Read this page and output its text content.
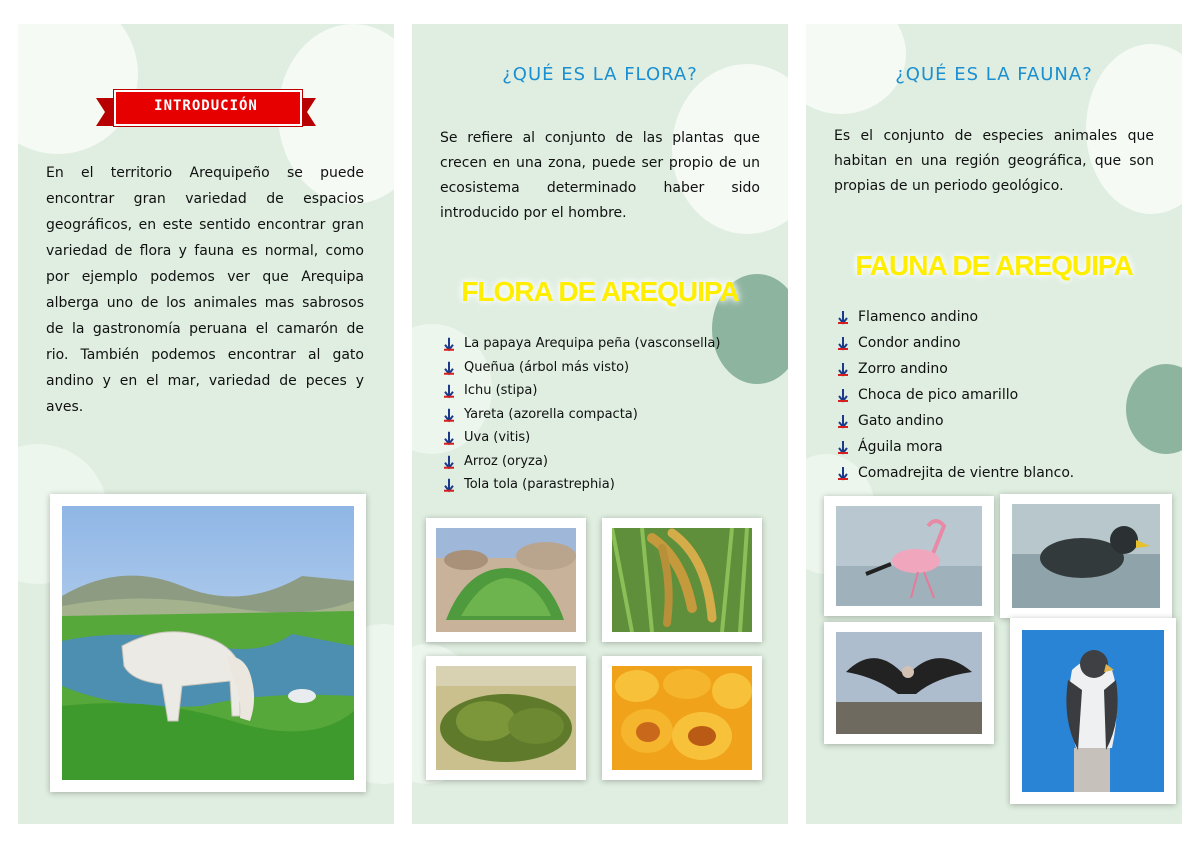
INTRODUCIÓN
En el territorio Arequipeño se puede encontrar gran variedad de espacios geográficos, en este sentido encontrar gran variedad de flora y fauna es normal, como por ejemplo podemos ver que Arequipa alberga uno de los animales mas sabrosos de la gastronomía peruana el camarón de rio. También podemos encontrar al gato andino y en el mar, variedad de peces y aves.
¿QUÉ ES LA FLORA?
Se refiere al conjunto de las plantas que crecen en una zona, puede ser propio de un ecosistema determinado haber sido introducido por el hombre.
FLORA DE AREQUIPA
La papaya Arequipa peña (vasconsella)
Queñua (árbol más visto)
Ichu (stipa)
Yareta (azorella compacta)
Uva (vitis)
Arroz (oryza)
Tola tola (parastrephia)
¿QUÉ ES LA FAUNA?
Es el conjunto de especies animales que habitan en una región geográfica, que son propias de un periodo geológico.
FAUNA DE AREQUIPA
Flamenco andino
Condor andino
Zorro andino
Choca de pico amarillo
Gato andino
Águila mora
Comadrejita de vientre blanco.
